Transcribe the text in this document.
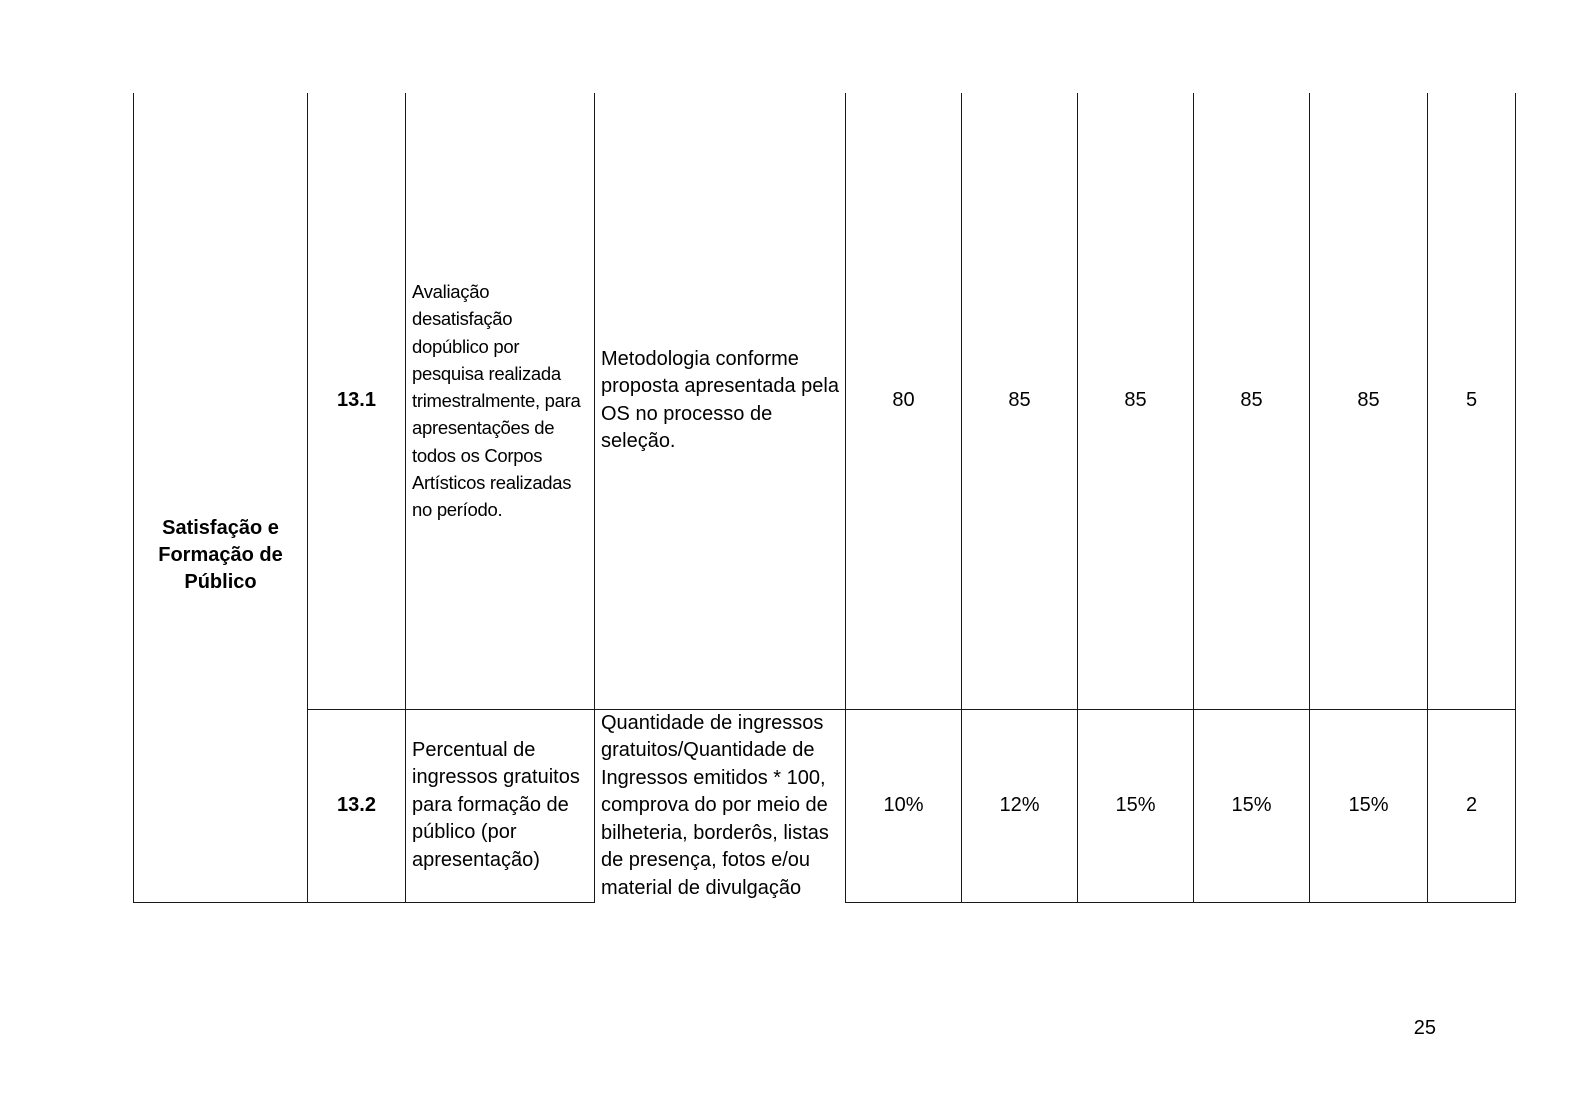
Satisfação e Formação de Público	13.1	Avaliação desatisfação dopúblico por pesquisa realizada trimestralmente, para apresentações de todos os Corpos Artísticos realizadas no período.	Metodologia conforme proposta apresentada pela OS no processo de seleção.	80	85	85	85	85	5
	13.2	Percentual de ingressos gratuitos para formação de público (por apresentação)	Quantidade de ingressos gratuitos/Quantidade de Ingressos emitidos * 100, comprova do por meio de bilheteria, borderôs, listas de presença, fotos e/ou material de divulgação	10%	12%	15%	15%	15%	2
25
